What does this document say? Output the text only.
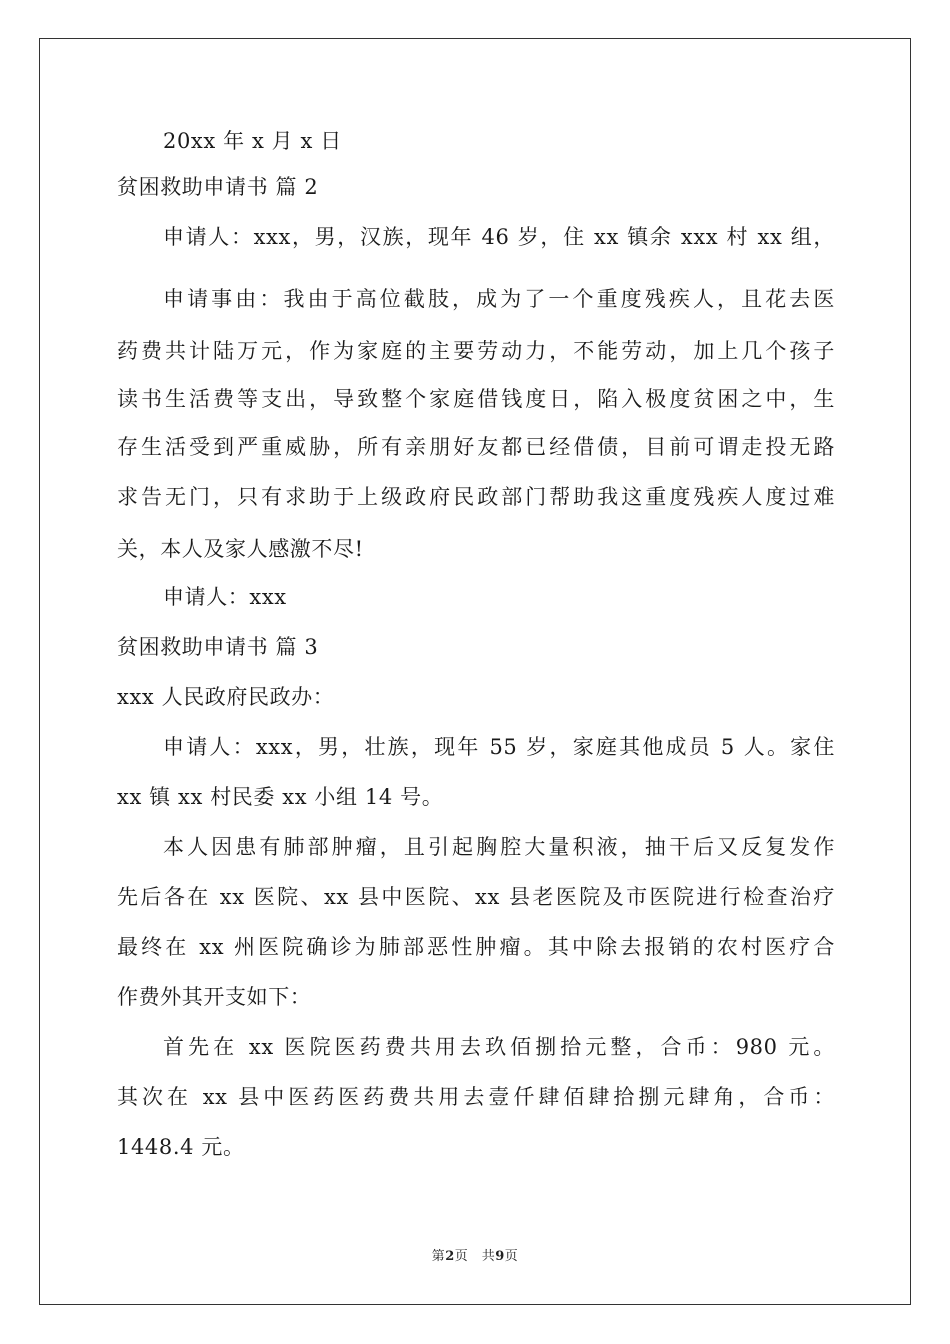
20xx 年 x 月 x 日
贫困救助申请书 篇 2
申请人：xxx，男，汉族，现年 46 岁，住 xx 镇余 xxx 村 xx 组，
申请事由：我由于高位截肢，成为了一个重度残疾人，且花去医
药费共计陆万元，作为家庭的主要劳动力，不能劳动，加上几个孩子
读书生活费等支出，导致整个家庭借钱度日，陷入极度贫困之中，生
存生活受到严重威胁，所有亲朋好友都已经借债，目前可谓走投无路
求告无门，只有求助于上级政府民政部门帮助我这重度残疾人度过难
关，本人及家人感激不尽!
申请人：xxx
贫困救助申请书 篇 3
xxx 人民政府民政办：
申请人：xxx，男，壮族，现年 55 岁，家庭其他成员 5 人。家住
xx 镇 xx 村民委 xx 小组 14 号。
本人因患有肺部肿瘤，且引起胸腔大量积液，抽干后又反复发作
先后各在 xx 医院、xx 县中医院、xx 县老医院及市医院进行检查治疗
最终在 xx 州医院确诊为肺部恶性肿瘤。其中除去报销的农村医疗合
作费外其开支如下：
首先在 xx 医院医药费共用去玖佰捌拾元整，合币：980 元。
其次在 xx 县中医药医药费共用去壹仟肆佰肆拾捌元肆角，合币：
1448.4 元。
第2页　共9页
